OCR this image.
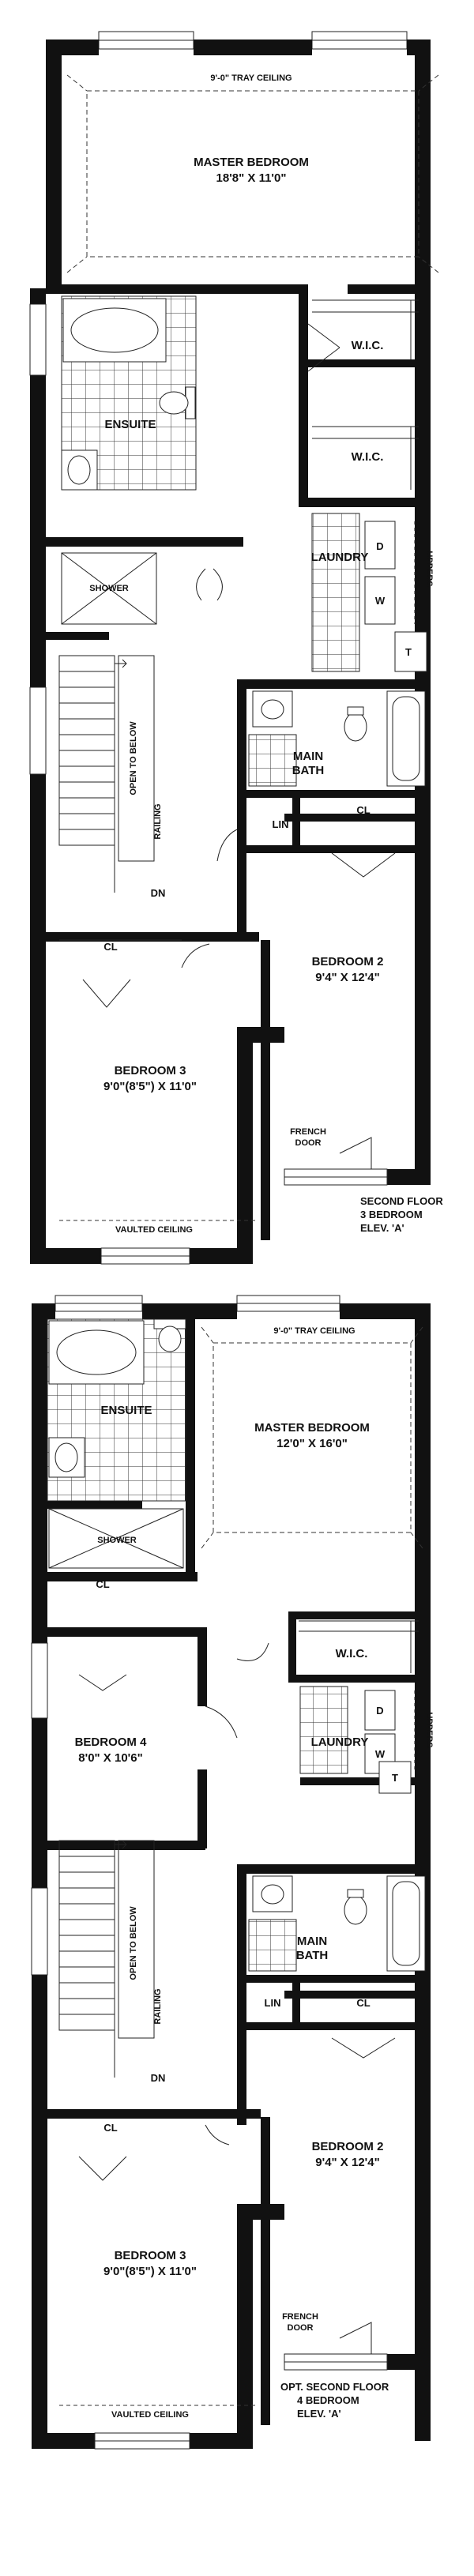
9'-0" TRAY CEILING
MASTER BEDROOM
18'8" X 11'0"
W.I.C.
W.I.C.
ENSUITE
SHOWER
LAUNDRY
D
W
T
UPPERS
MAIN
BATH
LIN
CL
CL
OPEN TO BELOW
RAILING
DN
BEDROOM 2
9'4" X 12'4"
BEDROOM 3
9'0"(8'5") X 11'0"
FRENCH
DOOR
VAULTED CEILING
SECOND FLOOR
3 BEDROOM
ELEV. 'A'
9'-0" TRAY CEILING
MASTER BEDROOM
12'0" X 16'0"
ENSUITE
SHOWER
CL
BEDROOM 4
8'0" X 10'6"
W.I.C.
LAUNDRY
D
W
T
UPPERS
MAIN
BATH
LIN	CL
CL
OPEN TO BELOW
RAILING
DN
BEDROOM 2
9'4" X 12'4"
BEDROOM 3
9'0"(8'5") X 11'0"
FRENCH
DOOR
VAULTED CEILING
OPT. SECOND FLOOR
4 BEDROOM
ELEV. 'A'
